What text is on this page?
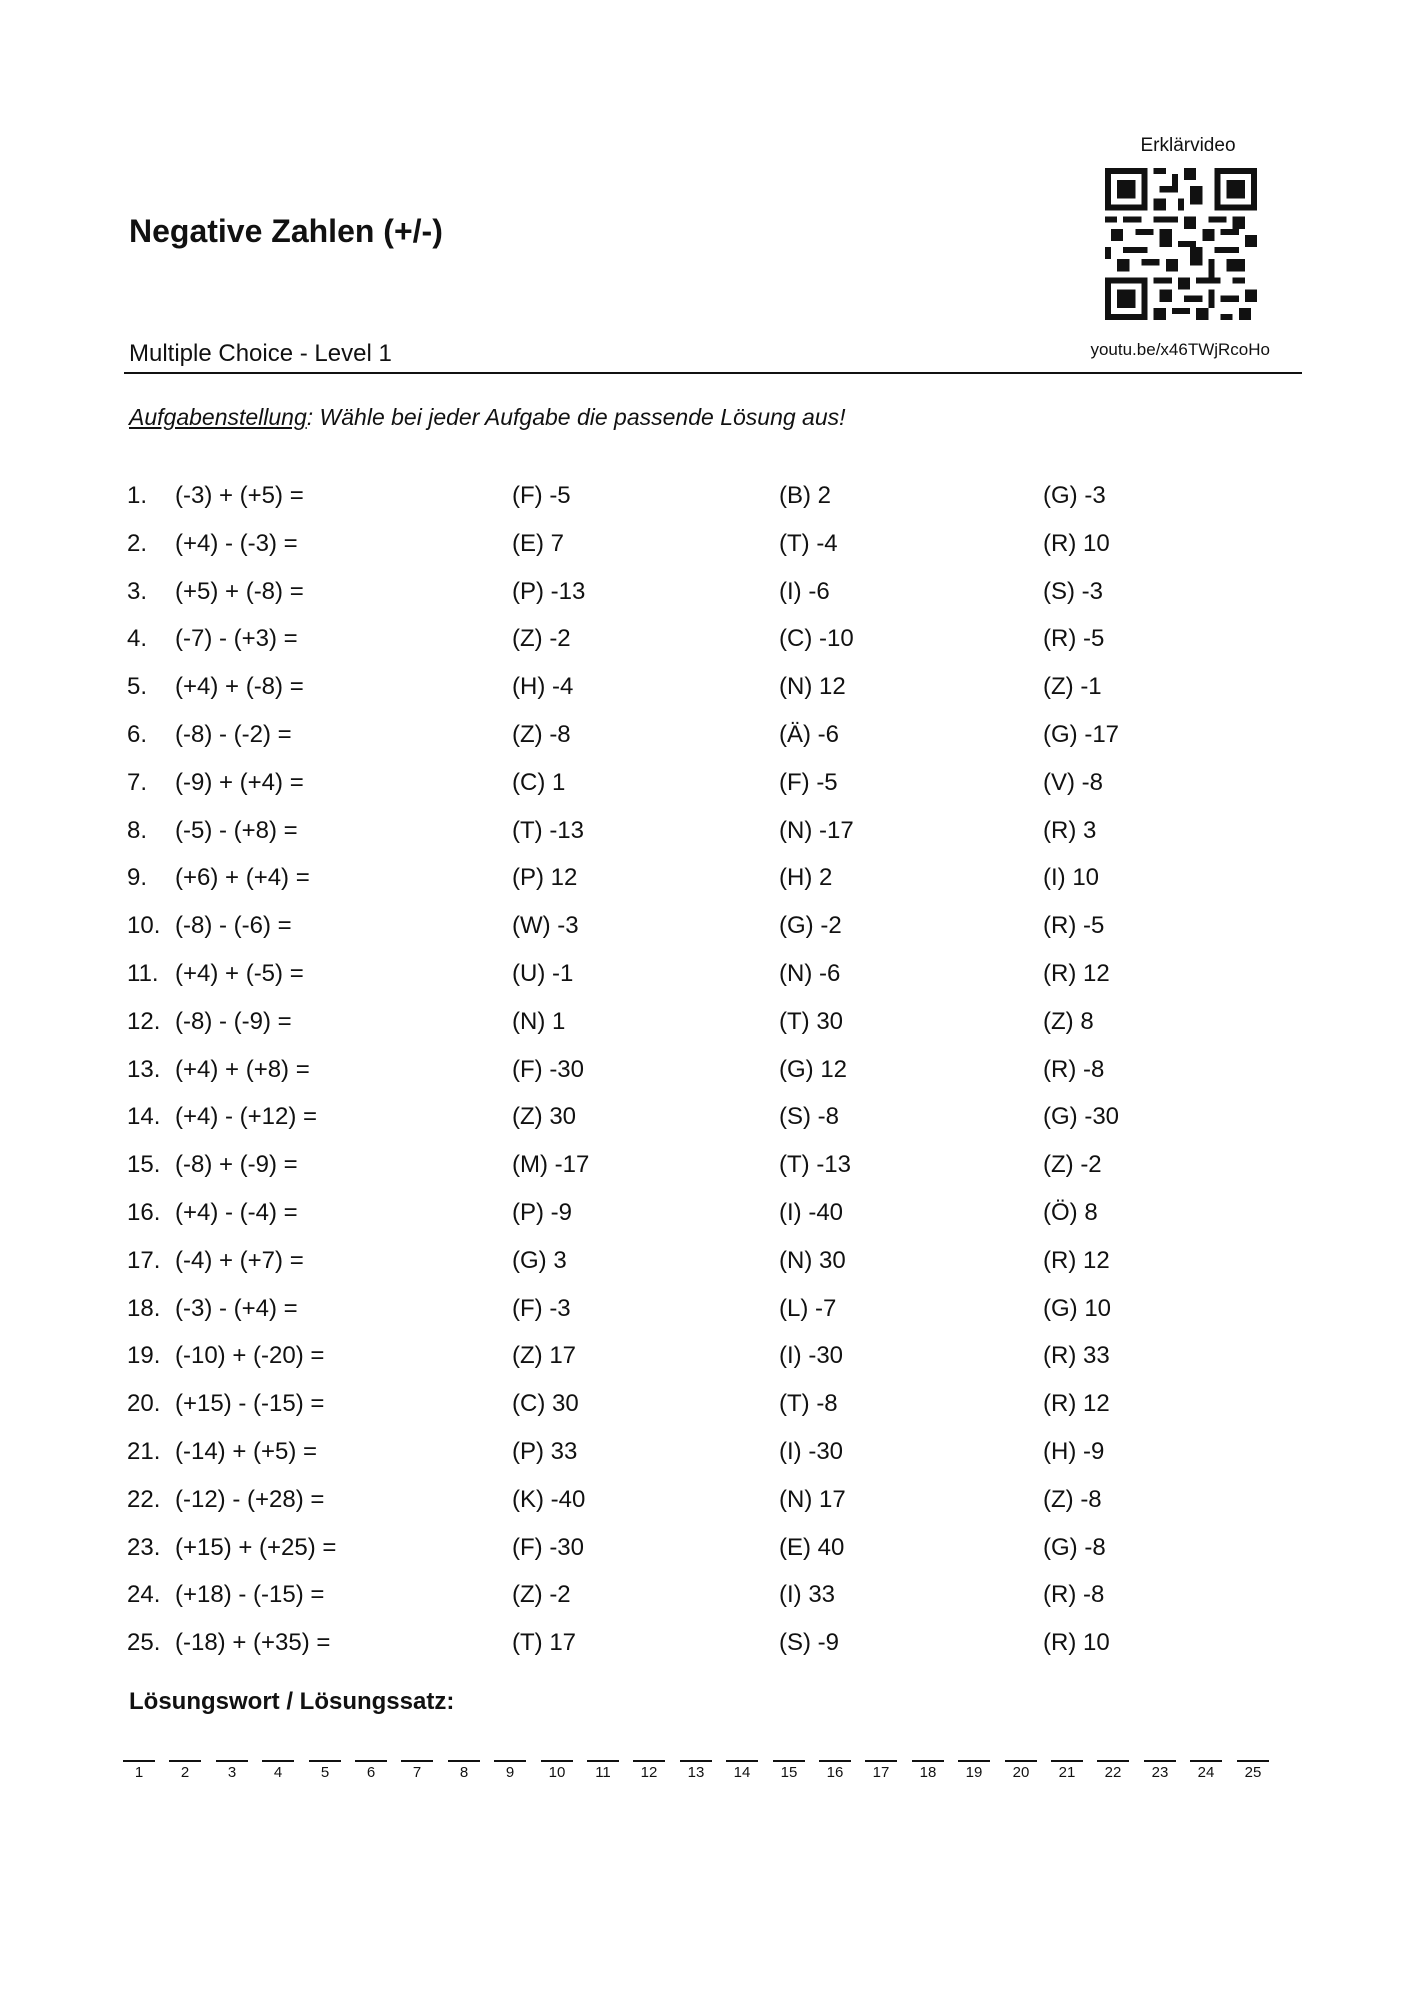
Negative Zahlen (+/-)
Erklärvideo
youtu.be/x46TWjRcoHo
Multiple Choice - Level 1
Aufgabenstellung: Wähle bei jeder Aufgabe die passende Lösung aus!
1. (-3) + (+5) =	(F) -5	(B) 2	(G) -3
2. (+4) - (-3) =	(E) 7	(T) -4	(R) 10
3. (+5) + (-8) =	(P) -13	(I) -6	(S) -3
4. (-7) - (+3) =	(Z) -2	(C) -10	(R) -5
5. (+4) + (-8) =	(H) -4	(N) 12	(Z) -1
6. (-8) - (-2) =	(Z) -8	(Ä) -6	(G) -17
7. (-9) + (+4) =	(C) 1	(F) -5	(V) -8
8. (-5) - (+8) =	(T) -13	(N) -17	(R) 3
9. (+6) + (+4) =	(P) 12	(H) 2	(I) 10
10. (-8) - (-6) =	(W) -3	(G) -2	(R) -5
11. (+4) + (-5) =	(U) -1	(N) -6	(R) 12
12. (-8) - (-9) =	(N) 1	(T) 30	(Z) 8
13. (+4) + (+8) =	(F) -30	(G) 12	(R) -8
14. (+4) - (+12) =	(Z) 30	(S) -8	(G) -30
15. (-8) + (-9) =	(M) -17	(T) -13	(Z) -2
16. (+4) - (-4) =	(P) -9	(I) -40	(Ö) 8
17. (-4) + (+7) =	(G) 3	(N) 30	(R) 12
18. (-3) - (+4) =	(F) -3	(L) -7	(G) 10
19. (-10) + (-20) =	(Z) 17	(I) -30	(R) 33
20. (+15) - (-15) =	(C) 30	(T) -8	(R) 12
21. (-14) + (+5) =	(P) 33	(I) -30	(H) -9
22. (-12) - (+28) =	(K) -40	(N) 17	(Z) -8
23. (+15) + (+25) =	(F) -30	(E) 40	(G) -8
24. (+18) - (-15) =	(Z) -2	(I) 33	(R) -8
25. (-18) + (+35) =	(T) 17	(S) -9	(R) 10
Lösungswort / Lösungssatz:
1	2	3	4	5	6	7	8	9	10	11	12	13	14	15	16	17	18	19	20	21	22	23	24	25
